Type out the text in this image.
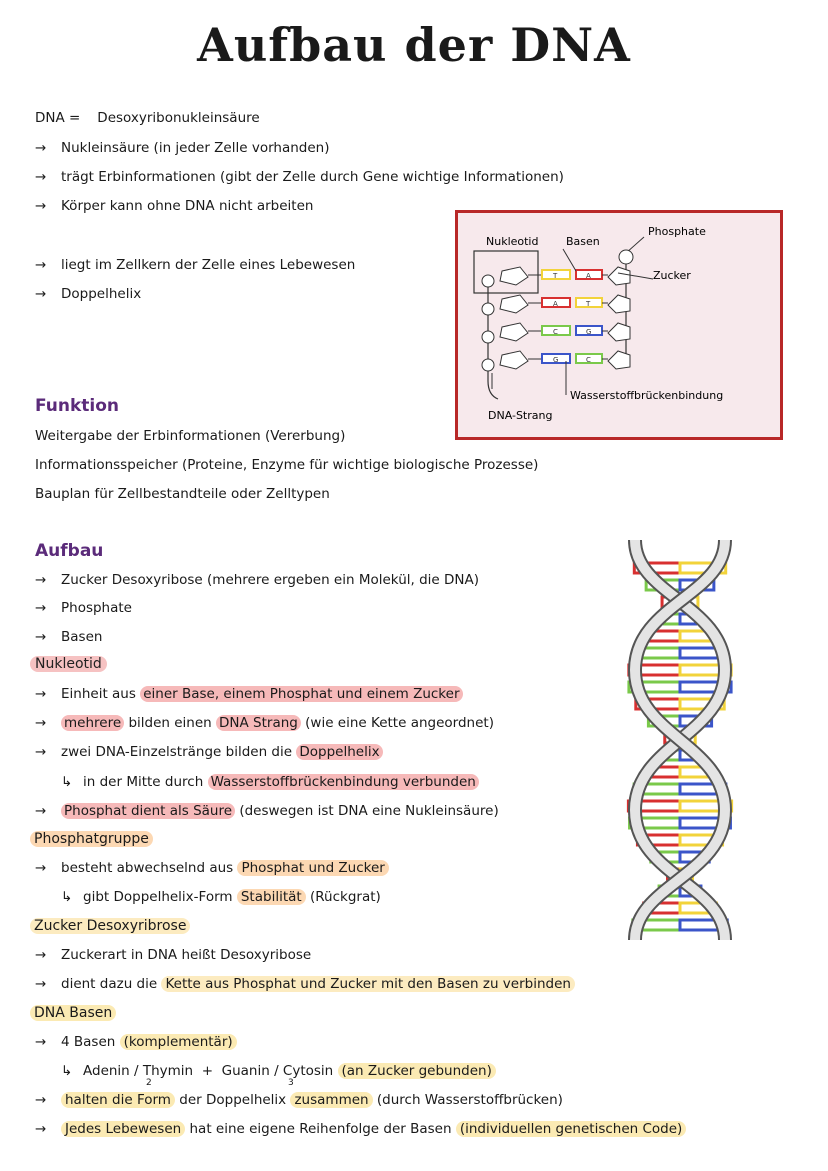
Aufbau der DNA
DNA = Desoxyribonukleinsäure
→ Nukleinsäure (in jeder Zelle vorhanden)
→ trägt Erbinformationen (gibt der Zelle durch Gene wichtige Informationen)
→ Körper kann ohne DNA nicht arbeiten
→ liegt im Zellkern der Zelle eines Lebewesen
→ Doppelhelix
T	A
A	T
C	G
G	C
Nukleotid	Basen
Phosphate
Zucker
Wasserstoffbrückenbindung
DNA-Strang
Funktion
Weitergabe der Erbinformationen (Vererbung)
Informationsspeicher (Proteine, Enzyme für wichtige biologische Prozesse)
Bauplan für Zellbestandteile oder Zelltypen
Aufbau
→ Zucker Desoxyribose (mehrere ergeben ein Molekül, die DNA)
→ Phosphate
→ Basen
Nukleotid
→ Einheit aus einer Base, einem Phosphat und einem Zucker
→ mehrere bilden einen DNA Strang (wie eine Kette angeordnet)
→ zwei DNA-Einzelstränge bilden die Doppelhelix
↳ in der Mitte durch Wasserstoffbrückenbindung verbunden
→ Phosphat dient als Säure (deswegen ist DNA eine Nukleinsäure)
Phosphatgruppe
→ besteht abwechselnd aus Phosphat und Zucker
↳ gibt Doppelhelix-Form Stabilität (Rückgrat)
Zucker Desoxyribrose
→ Zuckerart in DNA heißt Desoxyribose
→ dient dazu die Kette aus Phosphat und Zucker mit den Basen zu verbinden
DNA Basen
→ 4 Basen (komplementär)
↳ Adenin / Thymin + Guanin / Cytosin (an Zucker gebunden)
2	3
→ halten die Form der Doppelhelix zusammen (durch Wasserstoffbrücken)
→ Jedes Lebewesen hat eine eigene Reihenfolge der Basen (individuellen genetischen Code)
